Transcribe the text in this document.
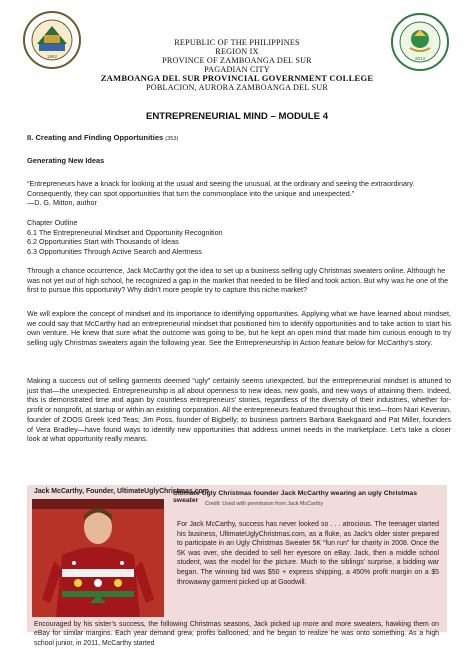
1952	2013
REPUBLIC OF THE PHILIPPINES
REGION IX
PROVINCE OF ZAMBOANGA DEL SUR
PAGADIAN CITY
ZAMBOANGA DEL SUR PROVINCIAL GOVERNMENT COLLEGE
POBLACION, AURORA ZAMBOANGA DEL SUR
ENTREPRENEURIAL MIND – MODULE 4
II. Creating and Finding Opportunities (353)
Generating New Ideas
“Entrepreneurs have a knack for looking at the usual and seeing the unusual, at the ordinary and seeing the extraordinary. Consequently, they can spot opportunities that turn the commonplace into the unique and unexpected.”
—D. G. Mitton, author
Chapter Outline
6.1 The Entrepreneurial Mindset and Opportunity Recognition
6.2 Opportunities Start with Thousands of Ideas
6.3 Opportunities Through Active Search and Alertness
Through a chance occurrence, Jack McCarthy got the idea to set up a business selling ugly Christmas sweaters online. Although he was not yet out of high school, he recognized a gap in the market that needed to be filled and took action. But why was he one of the first to pursue this opportunity? Why didn’t more people try to capture this niche market?
We will explore the concept of mindset and its importance to identifying opportunities. Applying what we have learned about mindset, we could say that McCarthy had an entrepreneurial mindset that positioned him to identify opportunities and to take action to start his own venture. He knew that sure what the outcome was going to be, but he kept an open mind that made him curious enough to try selling ugly Christmas sweaters again the following year. See the Entrepreneurship in Action feature below for McCarthy’s story.
Making a success out of selling garments deemed “ugly” certainly seems unexpected, but the entrepreneurial mindset is attuned to just that—the unexpected. Entrepreneurship is all about openness to new ideas, new goals, and new ways of attaining them. Indeed, this is demonstrated time and again by countless entrepreneurs’ stories, regardless of the diversity of their industries, whether for-profit or nonprofit, at startup or within an existing corporation. All the entrepreneurs featured throughout this text—from Niari Keverian, founder of ZOOS Greek Iced Teas; Jim Poss, founder of Bigbelly; to business partners Barbara Baekgaard and Pat Miller, founders of Vera Bradley—have found ways to identify new opportunities that address unmet needs in the marketplace. Let’s take a closer look at what opportunity really means.
Jack McCarthy, Founder, UltimateUglyChristmas.com
Ultimate Ugly Christmas founder Jack McCarthy wearing an ugly Christmas sweater	Credit: Used with permission from Jack McCarthy
For Jack McCarthy, success has never looked so . . . atrocious. The teenager started his business, UltimateUglyChristmas.com, as a fluke, as Jack’s older sister prepared to participate in an Ugly Christmas Sweater 5K “fun run” for charity in 2008. Once the 5K was over, she decided to sell her eyesore on eBay. Jack, then a middle school student, was the model for the picture. Much to the siblings’ surprise, a bidding war began. The winning bid was $50 + express shipping, a 450% profit margin on a $5 throwaway garment picked up at Goodwill.
Encouraged by his sister’s success, the following Christmas seasons, Jack picked up more and more sweaters, hawking them on eBay for similar margins. Each year demand grew, profits ballooned, and he began to realize he was onto something. As a high school junior, in 2011, McCarthy started
